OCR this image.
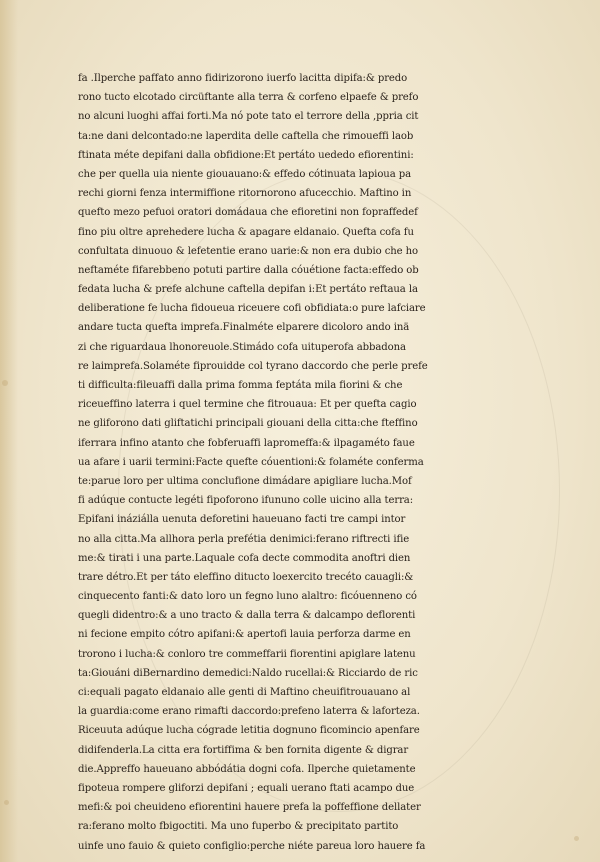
fa .Ilperche paffato anno fidirizorono iuerfo lacitta dipifa:& predo
rono tucto elcotado circüftante alla terra & corfeno elpaefe & prefo
no alcuni luoghi affai forti.Ma nó pote tato el terrore della ,ppria cit
ta:ne dani delcontado:ne laperdita delle caftella che rimoueffi laob
ftinata méte depifani dalla obfidione:Et pertáto uededo efiorentini:
che per quella uia niente giouauano:& effedo cótinuata lapioua pa
rechi giorni fenza intermiffione ritornorono afucecchio. Maftino in
quefto mezo pefuoi oratori domádaua che efioretini non fopraffedef
fino piu oltre aprehedere lucha & apagare eldanaio. Quefta cofa fu
confultata dinuouo & lefetentie erano uarie:& non era dubio che ho
neftaméte fifarebbeno potuti partire dalla cóuétione facta:effedo ob
fedata lucha & prefe alchune caftella depifan i:Et pertáto reftaua la
deliberatione fe lucha fidoueua riceuere cofi obfidiata:o pure lafciare
andare tucta quefta imprefa.Finalméte elparere dicoloro ando inä
zi che riguardaua lhonoreuole.Stimádo cofa uituperofa abbadona
re laimprefa.Solaméte fiprouidde col tyrano daccordo che perle prefe
ti difficulta:fileuaffi dalla prima fomma feptáta mila fiorini & che
riceueffino laterra i quel termine che fitrouaua: Et per quefta cagio
ne gliforono dati gliftatichi principali giouani della citta:che fteffino
iferrara infino atanto che fobferuaffi lapromeffa:& ilpagaméto faue
ua afare i uarii termini:Facte quefte cóuentioni:& folaméte conferma
te:parue loro per ultima conclufione dimádare apigliare lucha.Mof
fi adúque contucte legéti fipoforono ifununo colle uicino alla terra:
Epifani ináziálla uenuta deforetini haueuano facti tre campi intor
no alla citta.Ma allhora perla prefétia denimici:ferano riftrecti ifie
me:& tirati i una parte.Laquale cofa decte commodita anoftri dien
trare détro.Et per táto eleffino ditucto loexercito trecéto cauagli:&
cinquecento fanti:& dato loro un fegno luno alaltro: ficóuenneno có
quegli didentro:& a uno tracto & dalla terra & dalcampo deflorenti
ni fecione empito cótro apifani:& apertofi lauia perforza darme en
trorono i lucha:& conloro tre commeffarii fiorentini apiglare latenu
ta:Giouáni diBernardino demedici:Naldo rucellai:& Ricciardo de ric
ci:equali pagato eldanaio alle genti di Maftino cheuifitrouauano al
la guardia:come erano rimafti daccordo:prefeno laterra & laforteza.
Riceuuta adúque lucha cógrade letitia dognuno ficomincio apenfare
didifenderla.La citta era fortiffima & ben fornita digente & digrar
die.Appreffo haueuano abbódátia dogni cofa. Ilperche quietamente
fipoteua rompere gliforzi depifani ; equali uerano ftati acampo due
mefi:& poi cheuideno efiorentini hauere prefa la poffeffione dellater
ra:ferano molto fbigoctiti. Ma uno fuperbo & precipitato partito
uinfe uno fauio & quieto configlio:perche niéte pareua loro hauere fa
